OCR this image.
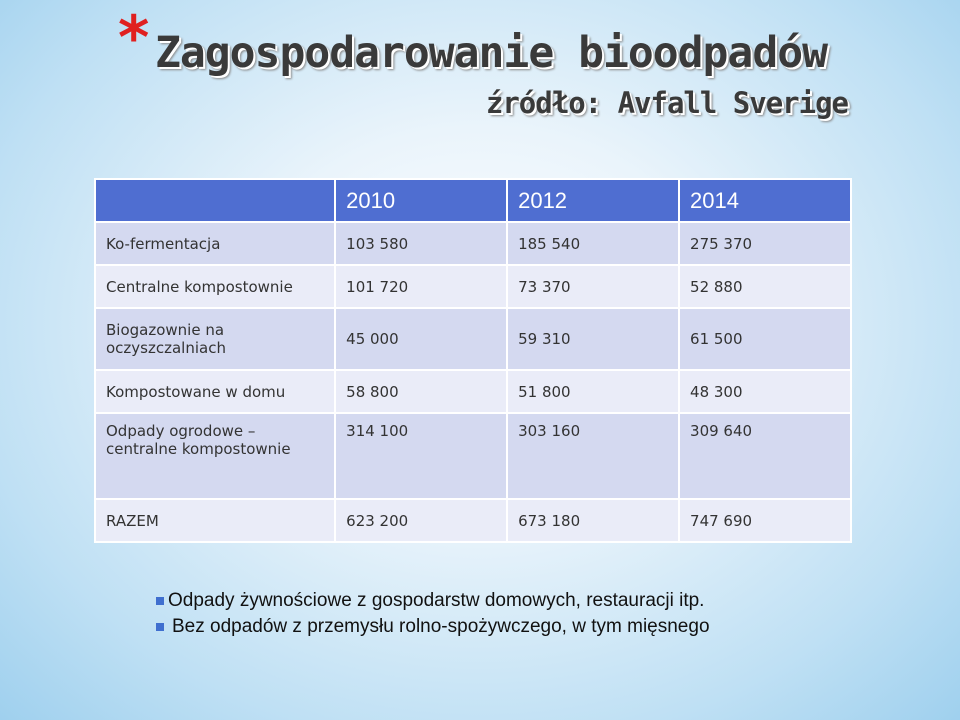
* Zagospodarowanie bioodpadów
źródło: Avfall Sverige
	2010	2012	2014
Ko-fermentacja	103 580	185 540	275 370
Centralne kompostownie	101 720	73 370	52 880
Biogazownie na oczyszczalniach	45 000	59 310	61 500
Kompostowane w domu	58 800	51 800	48 300
Odpady ogrodowe – centralne kompostownie	314 100	303 160	309 640
RAZEM	623 200	673 180	747 690
Odpady żywnościowe z gospodarstw domowych, restauracji itp.
Bez odpadów z przemysłu rolno-spożywczego, w tym mięsnego
